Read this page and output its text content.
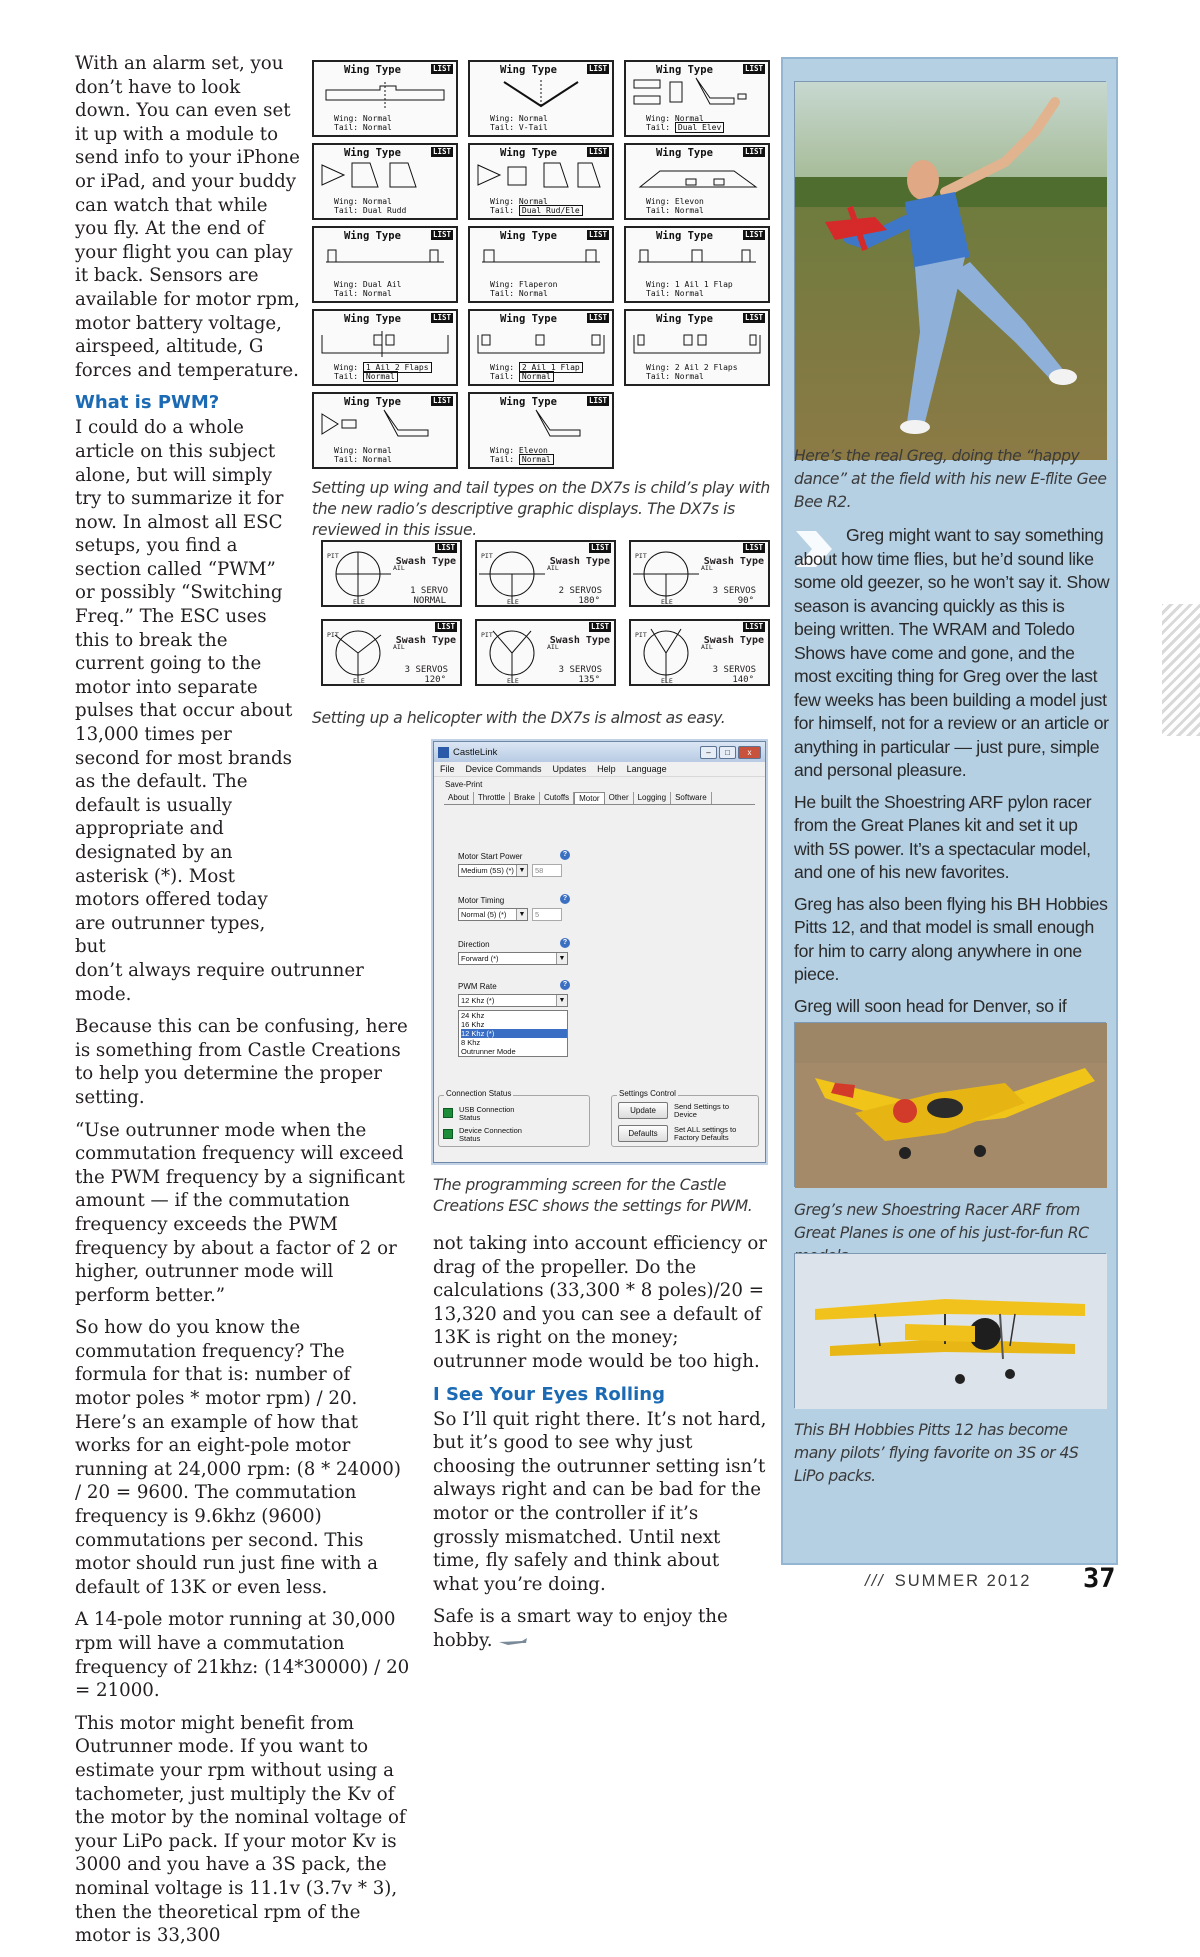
With an alarm set, you don’t have to look down. You can even set it up with a module to send info to your iPhone or iPad, and your buddy can watch that while you fly. At the end of your flight you can play it back. Sensors are available for motor rpm, motor battery voltage, airspeed, altitude, G forces and temperature.

What is PWM?

I could do a whole article on this subject alone, but will simply try to summarize it for now. In almost all ESC setups, you find a section called “PWM” or possibly “Switching Freq.” The ESC uses this to break the current going to the motor into separate pulses that occur about 13,000 times per second for most brands as the default. The default is usually appropriate and designated by an asterisk (*). Most motors offered today are outrunner types, but

don’t always require outrunner mode.

Because this can be confusing, here is something from Castle Creations to help you determine the proper setting.

“Use outrunner mode when the commutation frequency will exceed the PWM frequency by a significant amount — if the commutation frequency exceeds the PWM frequency by about a factor of 2 or higher, outrunner mode will perform better.”

So how do you know the commutation frequency? The formula for that is: number of motor poles * motor rpm) / 20. Here’s an example of how that works for an eight-pole motor running at 24,000 rpm: (8 * 24000) / 20 = 9600. The commutation frequency is 9.6khz (9600) commutations per second. This motor should run just fine with a default of 13K or even less.

A 14-pole motor running at 30,000 rpm will have a commutation frequency of 21khz: (14*30000) / 20 = 21000.

This motor might benefit from Outrunner mode. If you want to estimate your rpm without using a tachometer, just multiply the Kv of the motor by the nominal voltage of your LiPo pack. If your motor Kv is 3000 and you have a 3S pack, the nominal voltage is 11.1v (3.7v * 3), then the theoretical rpm of the motor is 33,300

Wing Type	LIST
Wing: Normal
Tail: Normal
Wing Type	LIST
Wing: Normal
Tail: V-Tail
Wing Type	LIST
Wing: Normal
Tail: Dual Elev
Wing Type	LIST
Wing: Normal
Tail: Dual Rudd
Wing Type	LIST
Wing: Normal
Tail: Dual Rud/Ele
Wing Type	LIST
Wing: Elevon
Tail: Normal
Wing Type	LIST
Wing: Dual Ail
Tail: Normal
Wing Type	LIST
Wing: Flaperon
Tail: Normal
Wing Type	LIST
Wing: 1 Ail 1 Flap
Tail: Normal
Wing Type	LIST
Wing: 1 Ail 2 Flaps
Tail: Normal
Wing Type	LIST
Wing: 2 Ail 1 Flap
Tail: Normal
Wing Type	LIST
Wing: 2 Ail 2 Flaps
Tail: Normal
Wing Type	LIST
Wing: Normal
Tail: Normal
Wing Type	LIST
Wing: Elevon
Tail: Normal
Setting up wing and tail types on the DX7s is child’s play with the new radio’s descriptive graphic displays. The DX7s is reviewed in this issue.
PIT
ELE
AIL
LIST
Swash Type
1 SERVO
NORMAL
PIT
ELE
AIL
LIST
Swash Type
2 SERVOS
180°
PIT
ELE
AIL
LIST
Swash Type
3 SERVOS
90°
PIT
ELE
AIL
LIST
Swash Type
3 SERVOS
120°
PIT
ELE
AIL
LIST
Swash Type
3 SERVOS
135°
PIT
ELE
AIL
LIST
Swash Type
3 SERVOS
140°
Setting up a helicopter with the DX7s is almost as easy.
CastleLink	–	□	x
File Device Commands Updates Help Language
Save-Print
About	Throttle	Brake	Cutoffs	Motor	Other	Logging	Software
Motor Start Power
Medium (5S) (*) ▼	58
?
Motor Timing
Normal (5) (*)	▼	5
?
Direction
Forward (*)	▼
?
PWM Rate
12 Khz (*)	▼
?
24 Khz
16 Khz
12 Khz (*)
8 Khz
Outrunner Mode
Connection Status
USB Connection Status
Device Connection Status
Settings Control
Update	Send Settings to Device
Defaults	Set ALL settings to Factory Defaults
The programming screen for the Castle Creations ESC shows the settings for PWM.

not taking into account efficiency or drag of the propeller. Do the calculations (33,300 * 8 poles)/20 = 13,320 and you can see a default of 13K is right on the money; outrunner mode would be too high.

I See Your Eyes Rolling

So I’ll quit right there. It’s not hard, but it’s good to see why just choosing the outrunner setting isn’t always right and can be bad for the motor or the controller if it’s grossly mismatched. Until next time, fly safely and think about what you’re doing.

Safe is a smart way to enjoy the hobby.

Here’s the real Greg, doing the “happy dance” at the field with his new E-flite Gee Bee R2.

Greg might want to say something about how time flies, but he’d sound like some old geezer, so he won’t say it. Show season is avancing quickly as this is being written. The WRAM and Toledo Shows have come and gone, and the most exciting thing for Greg over the last few weeks has been building a model just for himself, not for a review or an article or anything in particular — just pure, simple and personal pleasure.

He built the Shoestring ARF pylon racer from the Great Planes kit and set it up with 5S power. It’s a spectacular model, and one of his new favorites.

Greg has also been flying his BH Hobbies Pitts 12, and that model is small enough for him to carry along anywhere in one piece.

Greg will soon head for Denver, so if

Greg’s new Shoestring Racer ARF from Great Planes is one of his just-for-fun RC
This BH Hobbies Pitts 12 has become many pilots’ flying favorite on 3S or 4S LiPo packs.
/// SUMMER 2012 37
